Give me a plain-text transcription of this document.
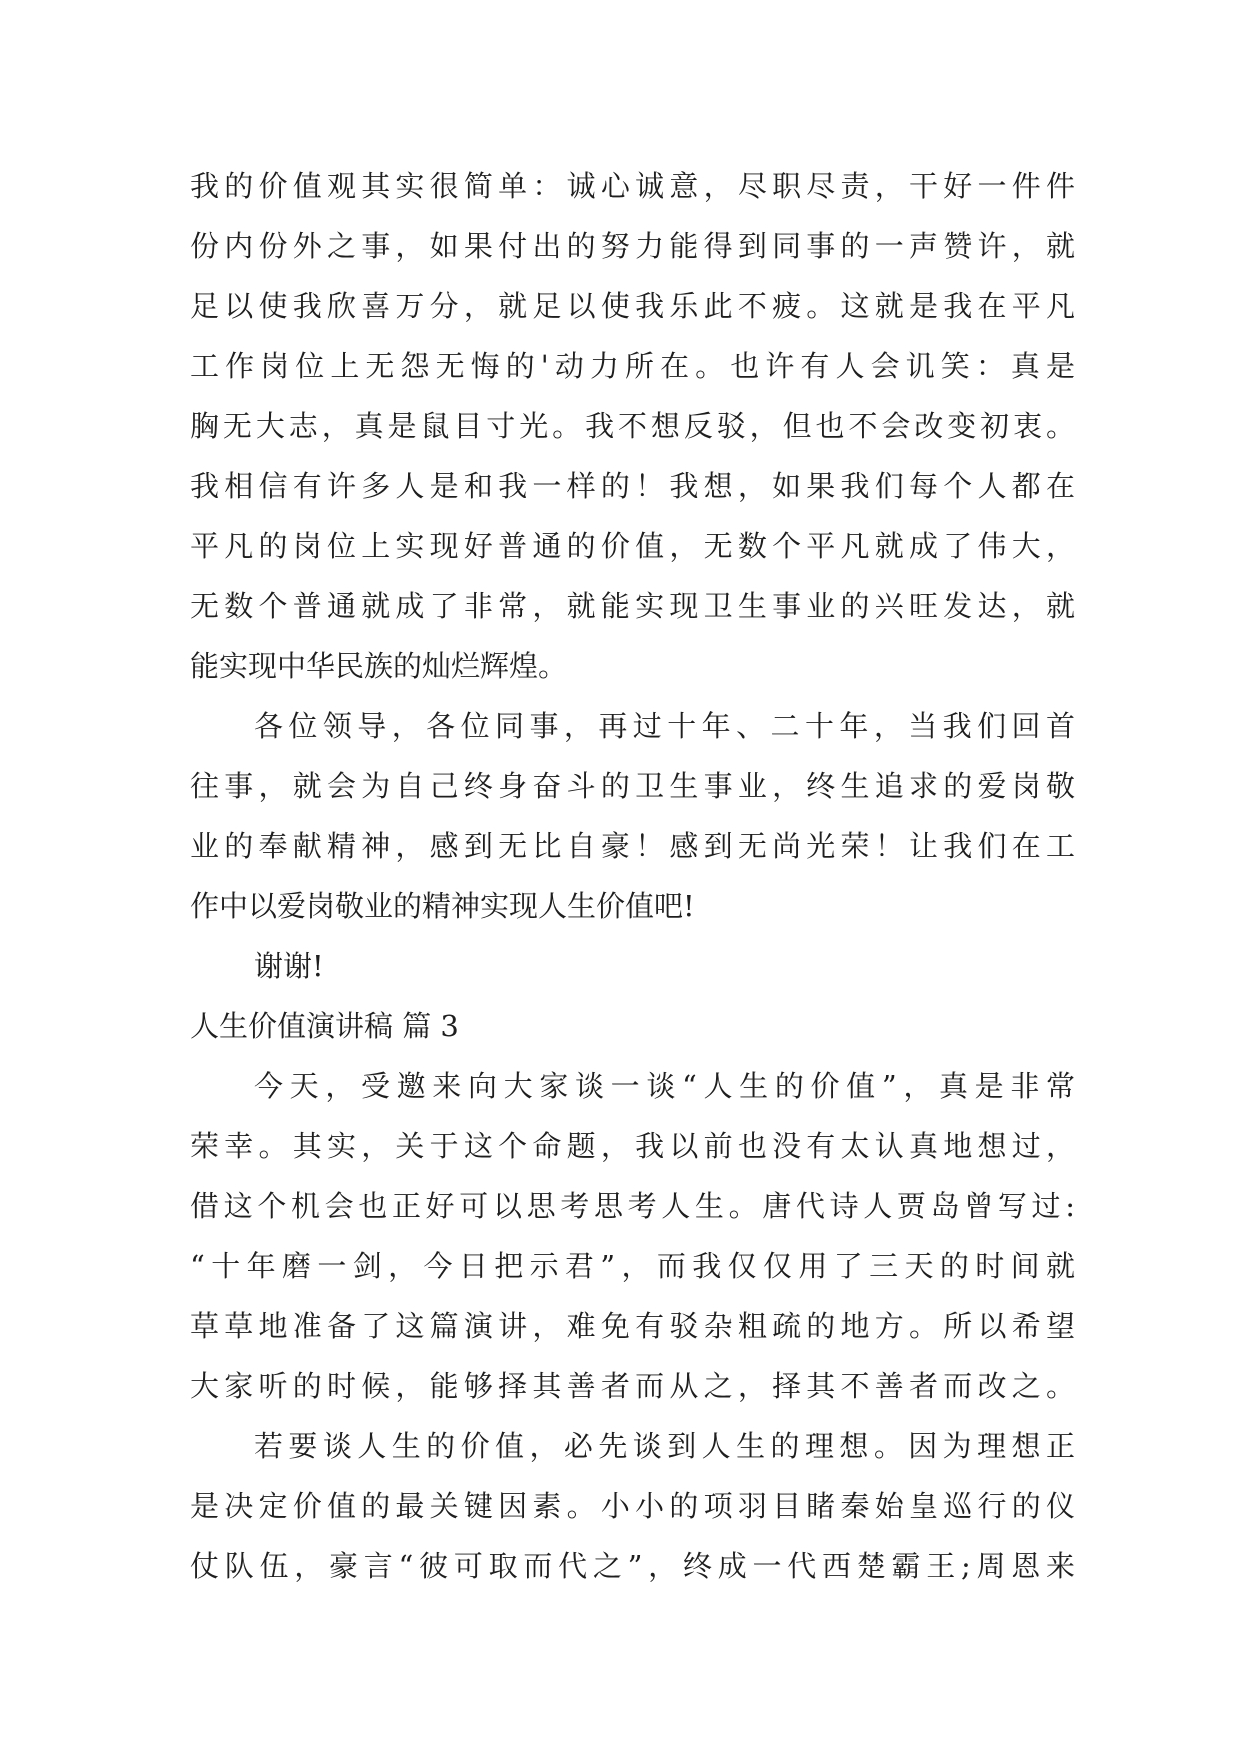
我的价值观其实很简单：诚心诚意，尽职尽责，干好一件件
份内份外之事，如果付出的努力能得到同事的一声赞许，就
足以使我欣喜万分，就足以使我乐此不疲。这就是我在平凡
工作岗位上无怨无悔的'动力所在。也许有人会讥笑：真是
胸无大志，真是鼠目寸光。我不想反驳，但也不会改变初衷。
我相信有许多人是和我一样的！我想，如果我们每个人都在
平凡的岗位上实现好普通的价值，无数个平凡就成了伟大，
无数个普通就成了非常，就能实现卫生事业的兴旺发达，就
能实现中华民族的灿烂辉煌。
各位领导，各位同事，再过十年、二十年，当我们回首
往事，就会为自己终身奋斗的卫生事业，终生追求的爱岗敬
业的奉献精神，感到无比自豪！感到无尚光荣！让我们在工
作中以爱岗敬业的精神实现人生价值吧!
谢谢!
人生价值演讲稿 篇 3
今天，受邀来向大家谈一谈“人生的价值”，真是非常
荣幸。其实，关于这个命题，我以前也没有太认真地想过，
借这个机会也正好可以思考思考人生。唐代诗人贾岛曾写过:
“十年磨一剑，今日把示君”，而我仅仅用了三天的时间就
草草地准备了这篇演讲，难免有驳杂粗疏的地方。所以希望
大家听的时候，能够择其善者而从之，择其不善者而改之。
若要谈人生的价值，必先谈到人生的理想。因为理想正
是决定价值的最关键因素。小小的项羽目睹秦始皇巡行的仪
仗队伍，豪言“彼可取而代之”，终成一代西楚霸王;周恩来
